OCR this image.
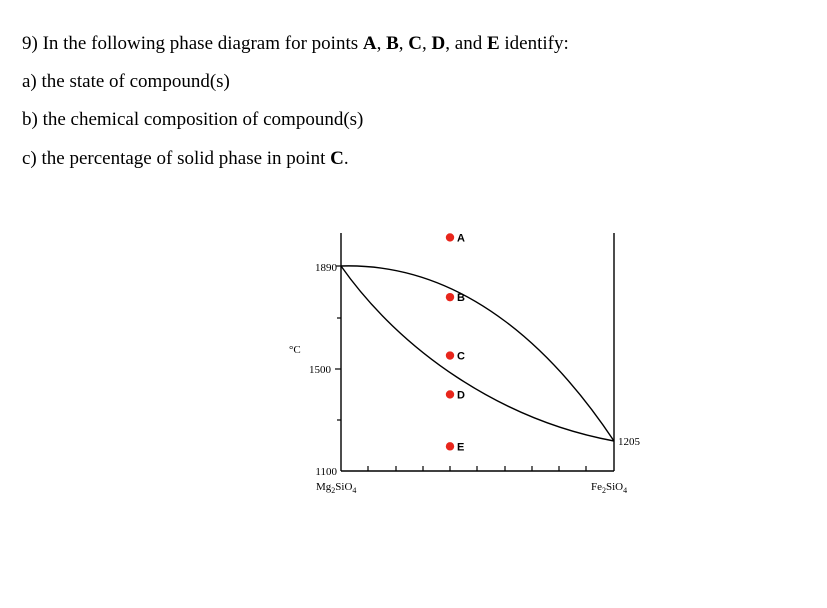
9) In the following phase diagram for points A, B, C, D, and E identify:
a) the state of compound(s)
b) the chemical composition of compound(s)
c) the percentage of solid phase in point C.
1890
1500
1100
°C
1205
$Mg_2SiO_4$	$Fe_2SiO_4$
A
B
C
D
E
